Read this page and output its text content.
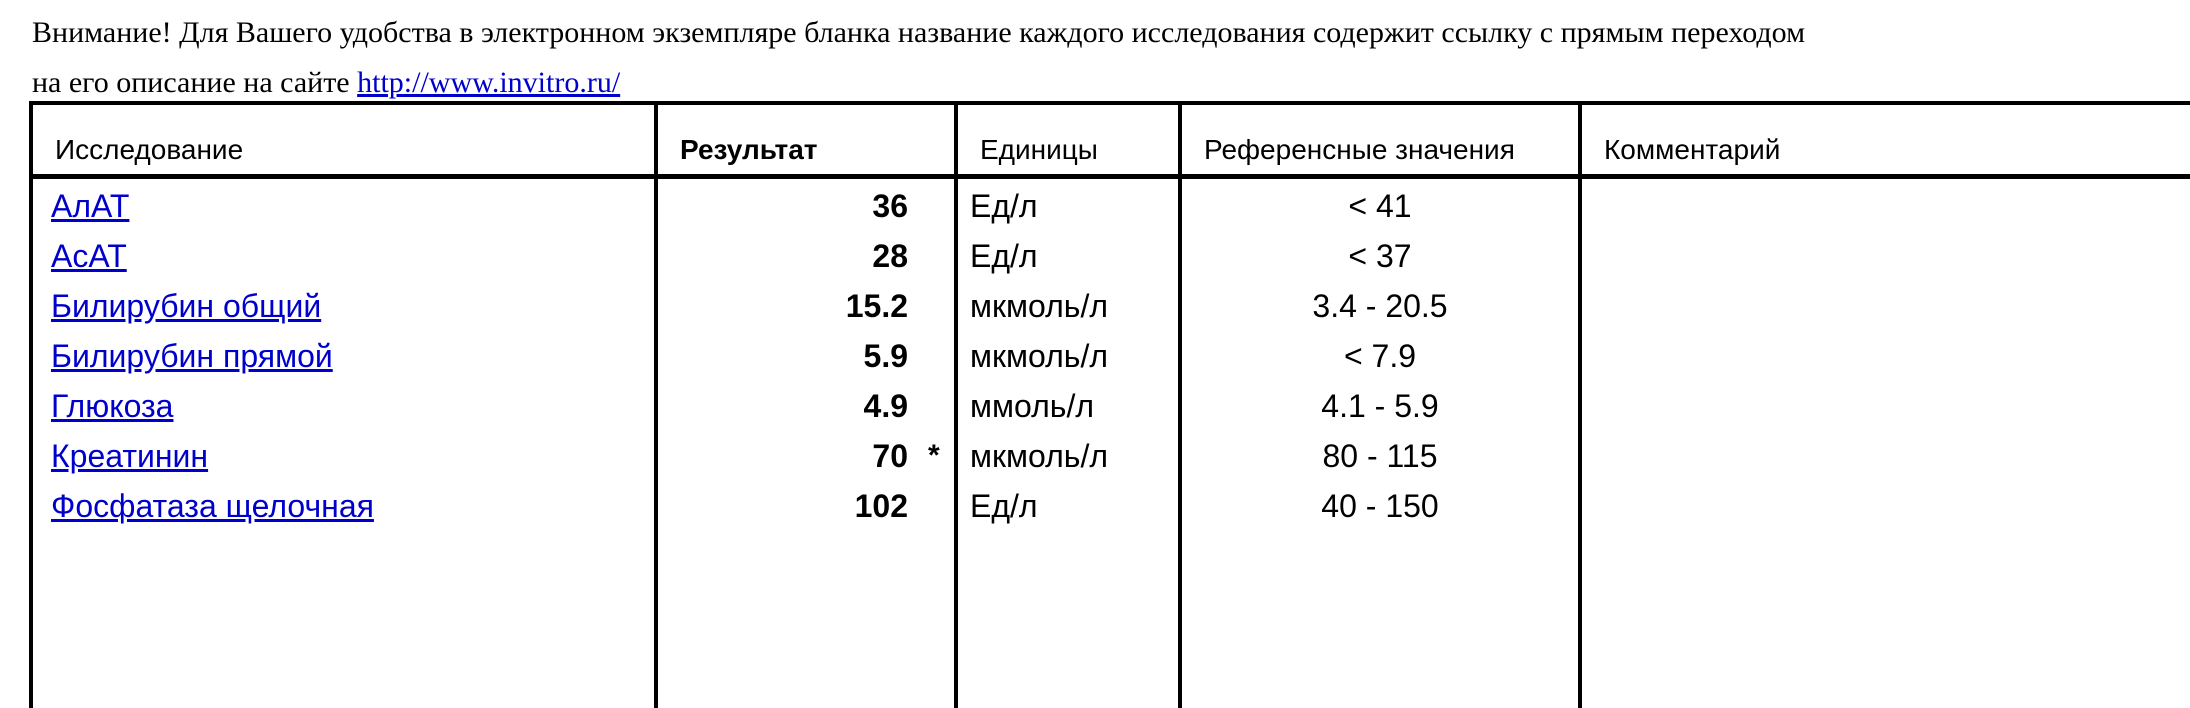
Внимание! Для Вашего удобства в электронном экземпляре бланка название каждого исследования содержит ссылку с прямым переходом
на его описание на сайте http://www.invitro.ru/
Исследование	Результат	Единицы	Референсные значения	Комментарий
АлАТ	36 Ед/л	< 41
АсАТ	28 Ед/л	< 37
Билирубин общий	15.2 мкмоль/л	3.4 - 20.5
Билирубин прямой	5.9 мкмоль/л	< 7.9
Глюкоза	4.9 ммоль/л	4.1 - 5.9
Креатинин	70 * мкмоль/л	80 - 115
Фосфатаза щелочная	102 Ед/л	40 - 150
